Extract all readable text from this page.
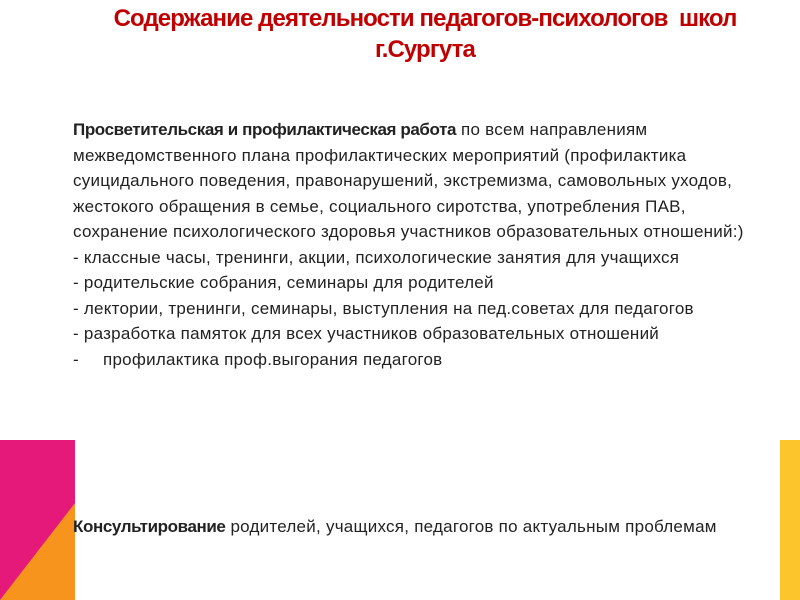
Содержание деятельности педагогов-психологов  школ
г.Сургута

Просветительская и профилактическая работа по всем направлениям межведомственного плана профилактических мероприятий (профилактика суицидального поведения, правонарушений, экстремизма, самовольных уходов, жестокого обращения в семье, социального сиротства, употребления ПАВ, сохранение психологического здоровья участников образовательных отношений:)

- классные часы, тренинги, акции, психологические занятия для учащихся

- родительские собрания, семинары для родителей

- лектории, тренинги, семинары, выступления на пед.советах для педагогов

- разработка памяток для всех участников образовательных отношений

- профилактика проф.выгорания педагогов

Консультирование родителей, учащихся, педагогов по актуальным проблемам
